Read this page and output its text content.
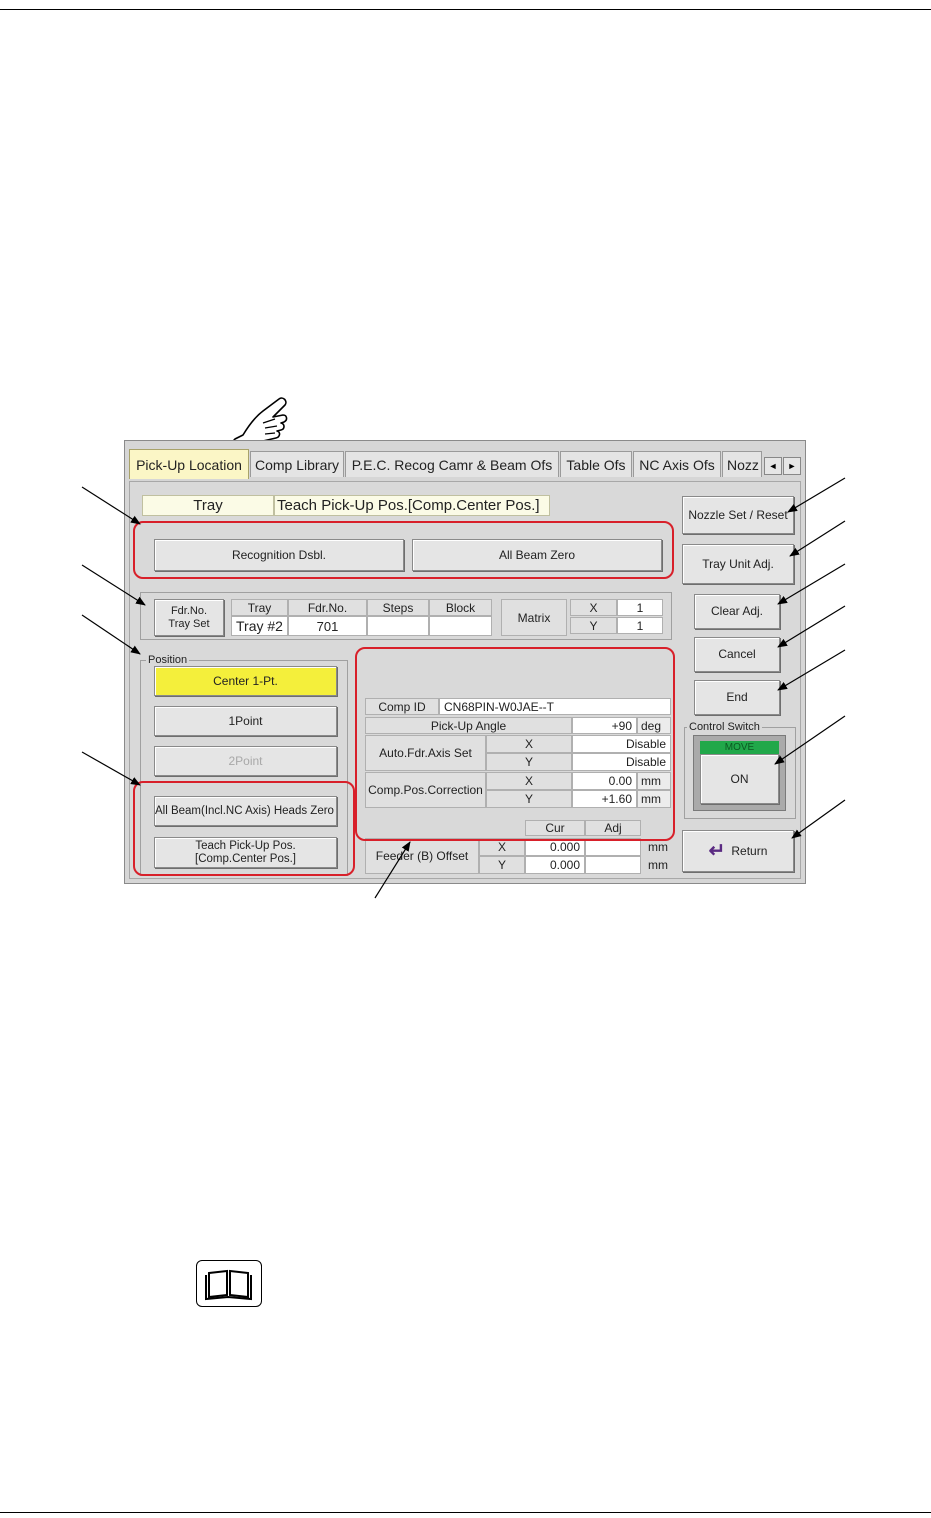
Pick-Up Location Comp Library P.E.C. Recog Camr & Beam Ofs	Table Ofs NC Axis Ofs Nozz	◄	►
Tray	Teach Pick-Up Pos.[Comp.Center Pos.]
Recognition Dsbl.	All Beam Zero
Fdr.No.
Tray Set
Tray	Fdr.No.	Steps	Block
Tray #2	701
Matrix
X	1
Y	1
Position
Center 1-Pt.
1Point
2Point
All Beam(Incl.NC Axis) Heads Zero
Teach Pick-Up Pos.
[Comp.Center Pos.]
Comp ID	CN68PIN-W0JAE--T
Pick-Up Angle	+90 deg
Auto.Fdr.Axis Set
X	Disable
Y	Disable
Comp.Pos.Correction
X	0.00 mm
Y	+1.60 mm
Cur	Adj
Feeder (B) Offset
X	0.000	mm
Y	0.000	mm
Nozzle Set / Reset
Tray Unit Adj.
Clear Adj.
Cancel
End
Control Switch
MOVE
ON
↵ Return
